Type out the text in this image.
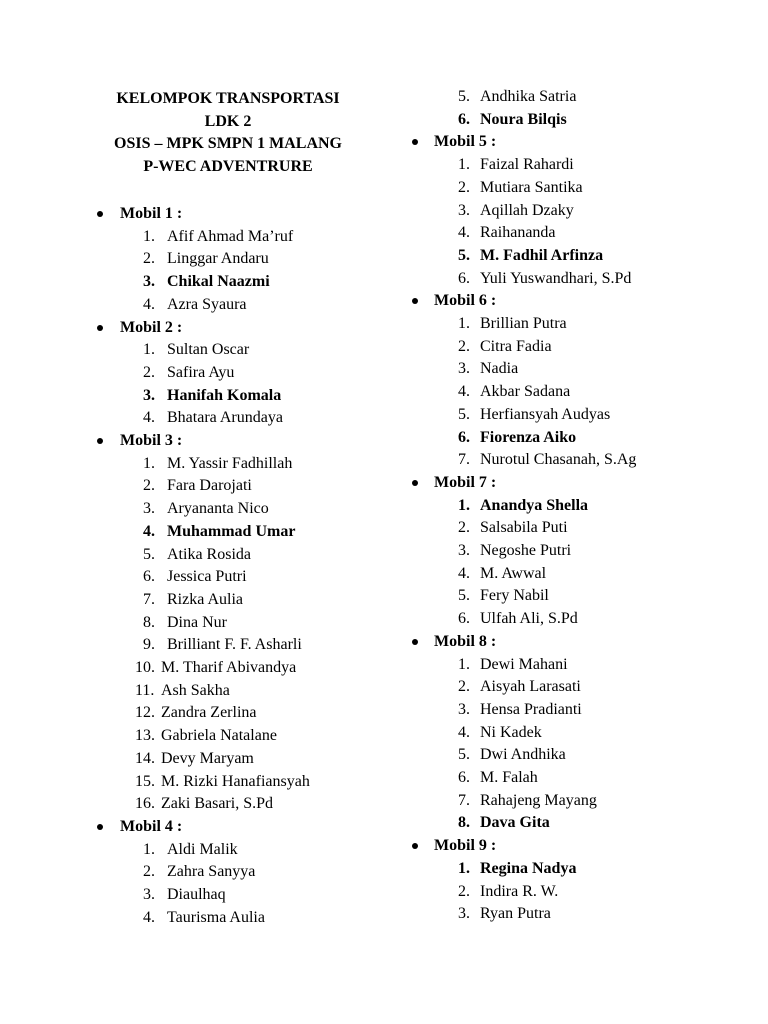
KELOMPOK TRANSPORTASI
LDK 2
OSIS – MPK SMPN 1 MALANG
P-WEC ADVENTRURE
Mobil 1 :
1. Afif Ahmad Ma’ruf
2. Linggar Andaru
3. Chikal Naazmi
4. Azra Syaura
Mobil 2 :
1. Sultan Oscar
2. Safira Ayu
3. Hanifah Komala
4. Bhatara Arundaya
Mobil 3 :
1. M. Yassir Fadhillah
2. Fara Darojati
3. Aryananta Nico
4. Muhammad Umar
5. Atika Rosida
6. Jessica Putri
7. Rizka Aulia
8. Dina Nur
9. Brilliant F. F. Asharli
10. M. Tharif Abivandya
11. Ash Sakha
12. Zandra Zerlina
13. Gabriela Natalane
14. Devy Maryam
15. M. Rizki Hanafiansyah
16. Zaki Basari, S.Pd
Mobil 4 :
1. Aldi Malik
2. Zahra Sanyya
3. Diaulhaq
4. Taurisma Aulia
5. Andhika Satria
6. Noura Bilqis
Mobil 5 :
1. Faizal Rahardi
2. Mutiara Santika
3. Aqillah Dzaky
4. Raihananda
5. M. Fadhil Arfinza
6. Yuli Yuswandhari, S.Pd
Mobil 6 :
1. Brillian Putra
2. Citra Fadia
3. Nadia
4. Akbar Sadana
5. Herfiansyah Audyas
6. Fiorenza Aiko
7. Nurotul Chasanah, S.Ag
Mobil 7 :
1. Anandya Shella
2. Salsabila Puti
3. Negoshe Putri
4. M. Awwal
5. Fery Nabil
6. Ulfah Ali, S.Pd
Mobil 8 :
1. Dewi Mahani
2. Aisyah Larasati
3. Hensa Pradianti
4. Ni Kadek
5. Dwi Andhika
6. M. Falah
7. Rahajeng Mayang
8. Dava Gita
Mobil 9 :
1. Regina Nadya
2. Indira R. W.
3. Ryan Putra
